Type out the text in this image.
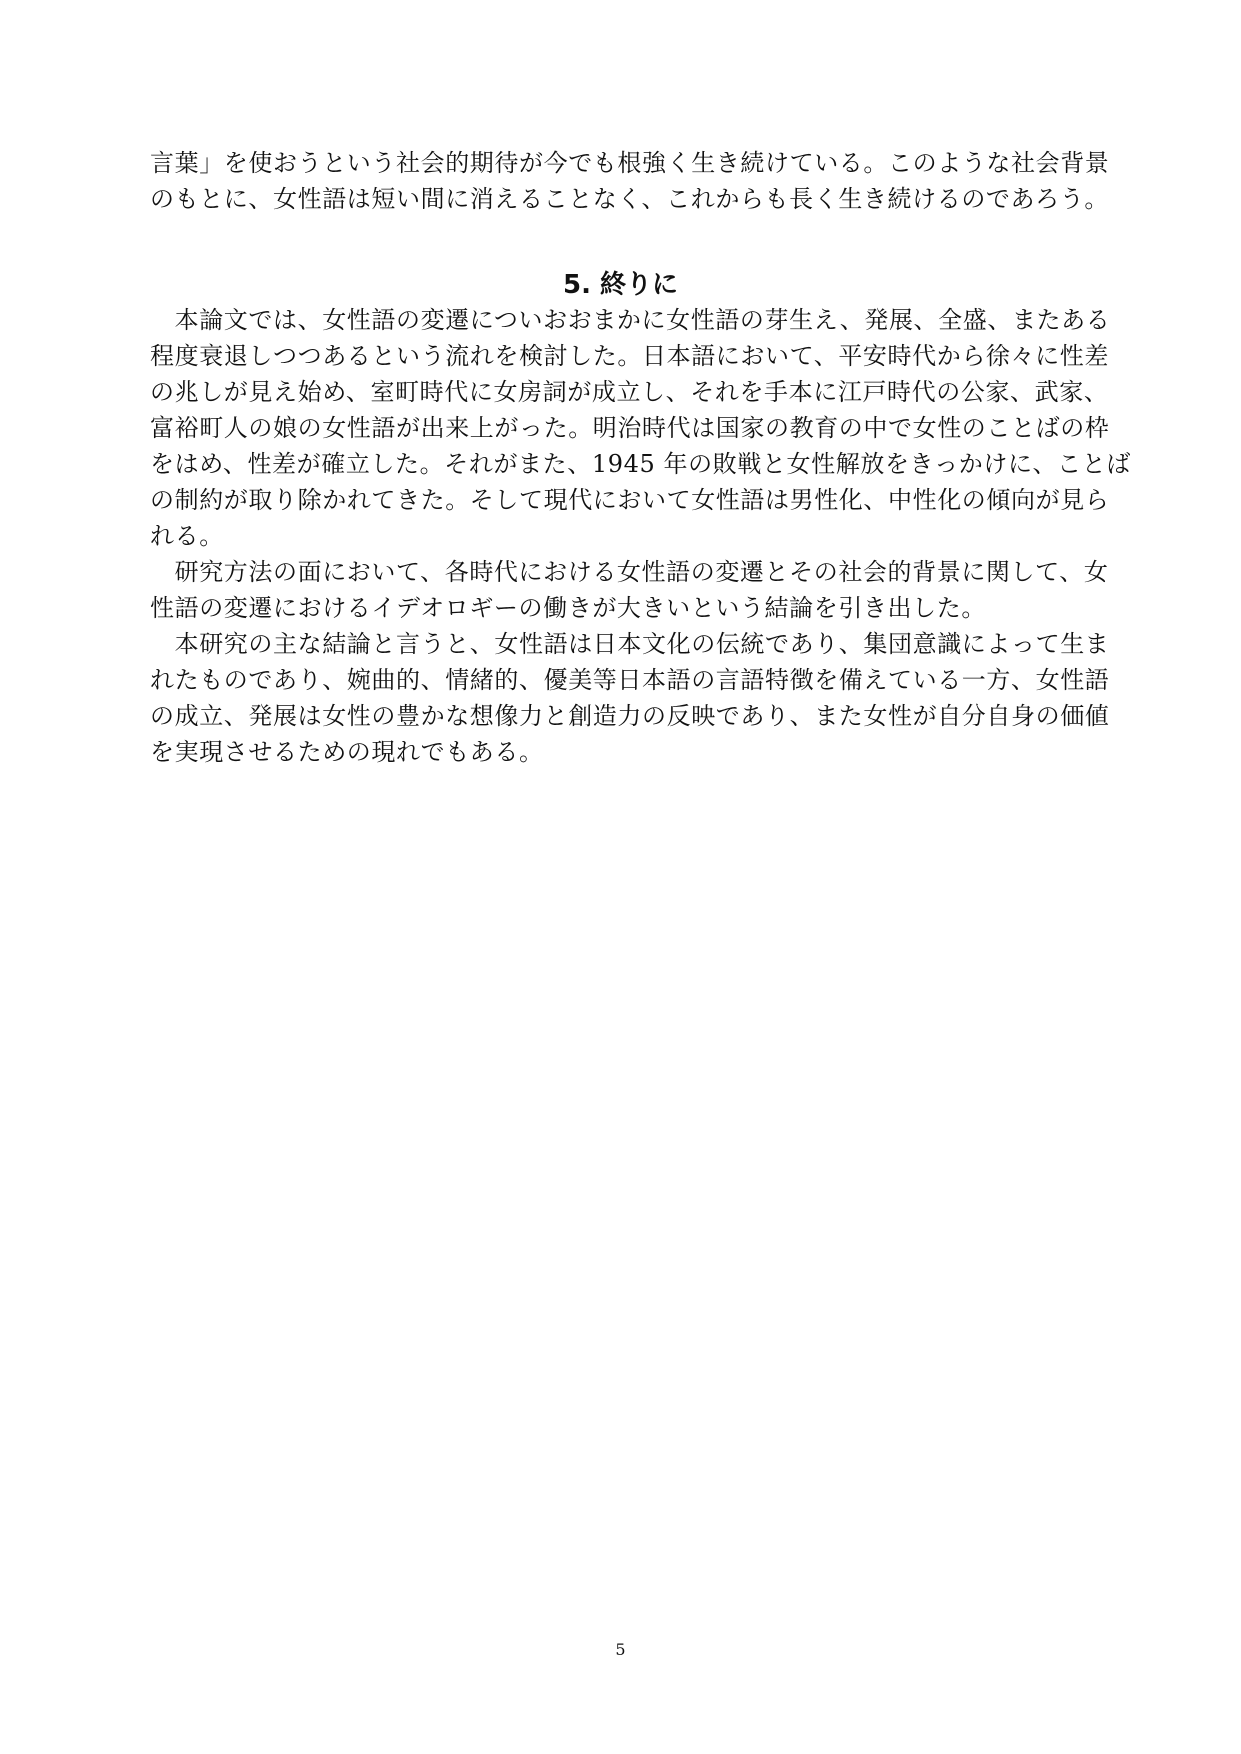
言葉」を使おうという社会的期待が今でも根強く生き続けている。このような社会背景
のもとに、女性語は短い間に消えることなく、これからも長く生き続けるのであろう。
5. 終りに
　本論文では、女性語の変遷についおおまかに女性語の芽生え、発展、全盛、またある
程度衰退しつつあるという流れを検討した。日本語において、平安時代から徐々に性差
の兆しが見え始め、室町時代に女房詞が成立し、それを手本に江戸時代の公家、武家、
富裕町人の娘の女性語が出来上がった。明治時代は国家の教育の中で女性のことばの枠
をはめ、性差が確立した。それがまた、1945 年の敗戦と女性解放をきっかけに、ことば
の制約が取り除かれてきた。そして現代において女性語は男性化、中性化の傾向が見ら
れる。
　研究方法の面において、各時代における女性語の変遷とその社会的背景に関して、女
性語の変遷におけるイデオロギーの働きが大きいという結論を引き出した。
　本研究の主な結論と言うと、女性語は日本文化の伝統であり、集団意識によって生ま
れたものであり、婉曲的、情緒的、優美等日本語の言語特徴を備えている一方、女性語
の成立、発展は女性の豊かな想像力と創造力の反映であり、また女性が自分自身の価値
を実現させるための現れでもある。
5
